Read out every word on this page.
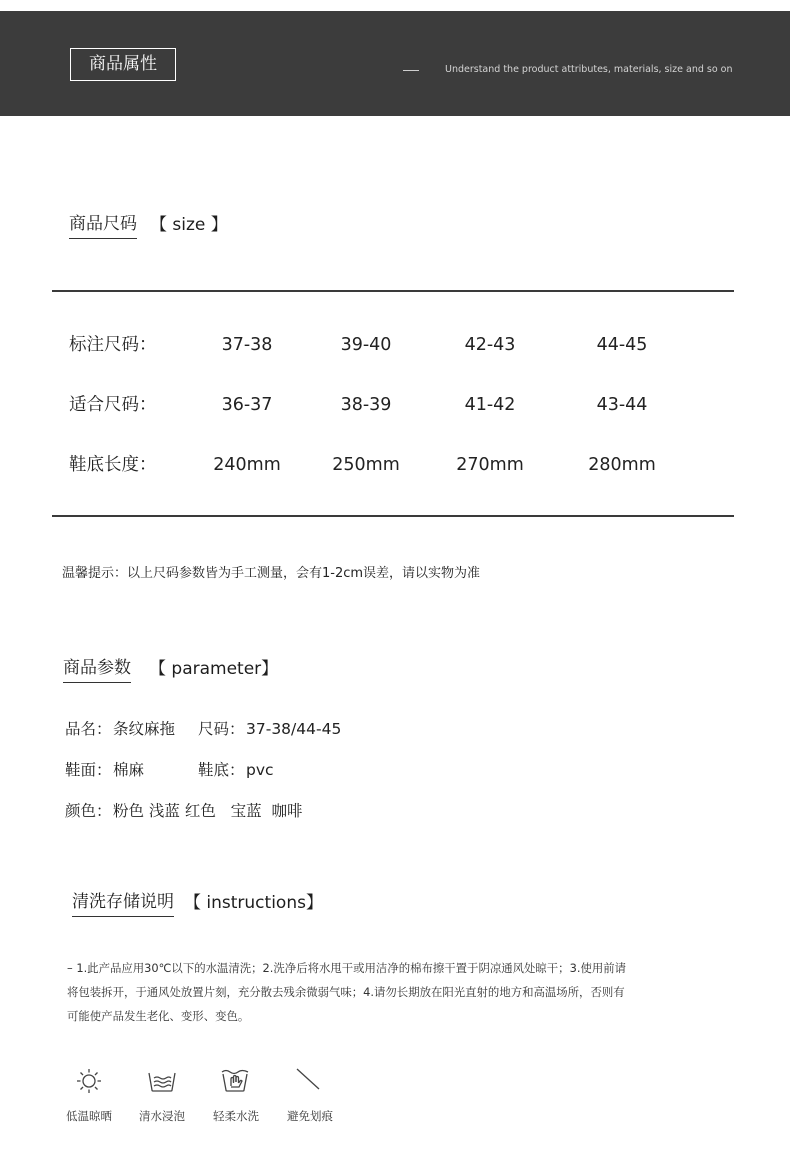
商品属性	Understand the product attributes, materials, size and so on
商品尺码 【 size 】
标注尺码：	37-38	39-40	42-43	44-45
适合尺码：	36-37	38-39	41-42	43-44
鞋底长度：	240mm	250mm	270mm	280mm
温馨提示：以上尺码参数皆为手工测量，会有1-2cm误差，请以实物为准
商品参数 【 parameter】
品名： 条纹麻拖 尺码： 37-38/44-45
鞋面： 棉麻	鞋底： pvc
颜色： 粉色 浅蓝 红色   宝蓝  咖啡
清洗存储说明 【 instructions】
– 1.此产品应用30℃以下的水温清洗；2.洗净后将水甩干或用洁净的棉布擦干置于阴凉通风处晾干；3.使用前请
将包装拆开，于通风处放置片刻，充分散去残余微弱气味；4.请勿长期放在阳光直射的地方和高温场所，否则有
可能使产品发生老化、变形、变色。
低温晾晒 清水浸泡 轻柔水洗 避免划痕
